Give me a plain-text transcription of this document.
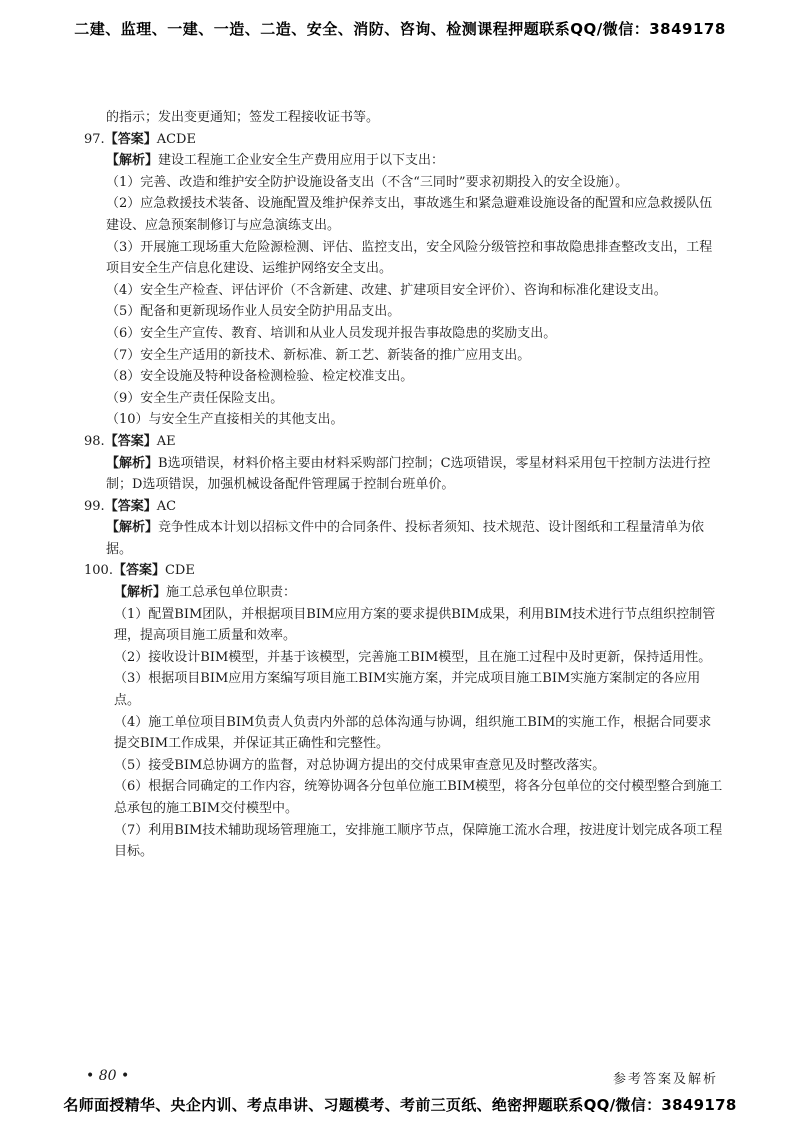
二建、监理、一建、一造、二造、安全、消防、咨询、检测课程押题联系QQ/微信：3849178

的指示；发出变更通知；签发工程接收证书等。

97.【答案】ACDE

【解析】建设工程施工企业安全生产费用应用于以下支出：

（1）完善、改造和维护安全防护设施设备支出（不含“三同时”要求初期投入的安全设施）。

（2）应急救援技术装备、设施配置及维护保养支出，事故逃生和紧急避难设施设备的配置和应急救援队伍建设、应急预案制修订与应急演练支出。

（3）开展施工现场重大危险源检测、评估、监控支出，安全风险分级管控和事故隐患排查整改支出，工程项目安全生产信息化建设、运维护网络安全支出。

（4）安全生产检查、评估评价（不含新建、改建、扩建项目安全评价）、咨询和标准化建设支出。

（5）配备和更新现场作业人员安全防护用品支出。

（6）安全生产宣传、教育、培训和从业人员发现并报告事故隐患的奖励支出。

（7）安全生产适用的新技术、新标准、新工艺、新装备的推广应用支出。

（8）安全设施及特种设备检测检验、检定校准支出。

（9）安全生产责任保险支出。

（10）与安全生产直接相关的其他支出。

98.【答案】AE

【解析】B选项错误，材料价格主要由材料采购部门控制；C选项错误，零星材料采用包干控制方法进行控制；D选项错误，加强机械设备配件管理属于控制台班单价。

99.【答案】AC

【解析】竞争性成本计划以招标文件中的合同条件、投标者须知、技术规范、设计图纸和工程量清单为依据。

100.【答案】CDE

【解析】施工总承包单位职责：

（1）配置BIM团队，并根据项目BIM应用方案的要求提供BIM成果，利用BIM技术进行节点组织控制管理，提高项目施工质量和效率。

（2）接收设计BIM模型，并基于该模型，完善施工BIM模型，且在施工过程中及时更新，保持适用性。

（3）根据项目BIM应用方案编写项目施工BIM实施方案，并完成项目施工BIM实施方案制定的各应用点。

（4）施工单位项目BIM负责人负责内外部的总体沟通与协调，组织施工BIM的实施工作，根据合同要求提交BIM工作成果，并保证其正确性和完整性。

（5）接受BIM总协调方的监督，对总协调方提出的交付成果审查意见及时整改落实。

（6）根据合同确定的工作内容，统筹协调各分包单位施工BIM模型，将各分包单位的交付模型整合到施工总承包的施工BIM交付模型中。

（7）利用BIM技术辅助现场管理施工，安排施工顺序节点，保障施工流水合理，按进度计划完成各项工程目标。

• 80 •	参考答案及解析
名师面授精华、央企内训、考点串讲、习题模考、考前三页纸、绝密押题联系QQ/微信：3849178
